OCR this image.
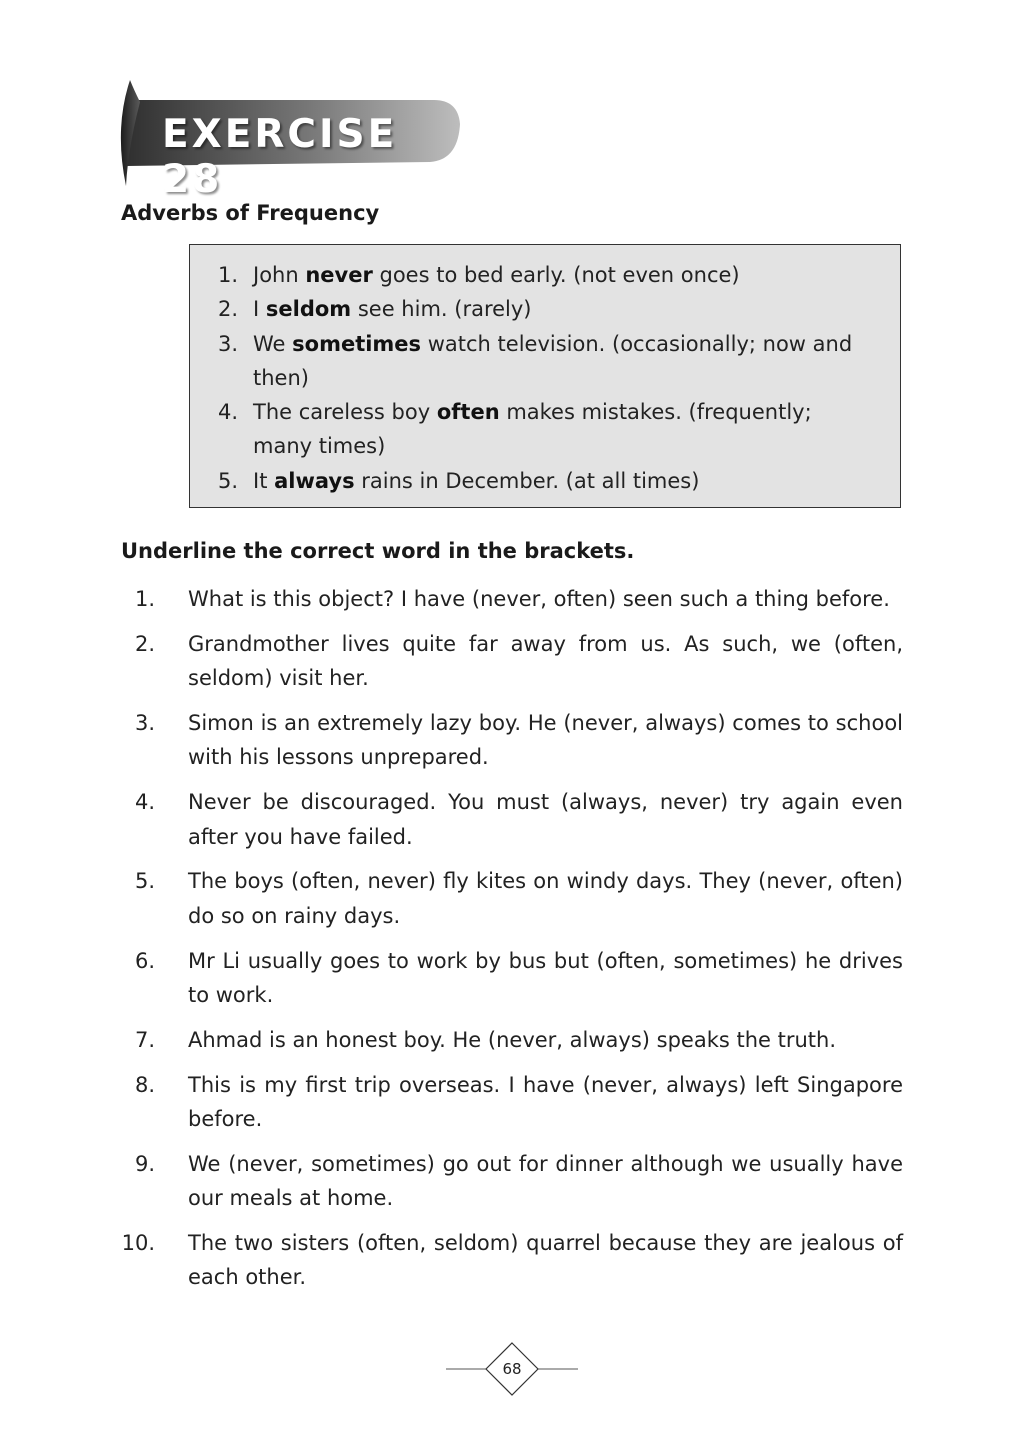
EXERCISE 28
Adverbs of Frequency
1. John never goes to bed early. (not even once)
2. I seldom see him. (rarely)
3. We sometimes watch television. (occasionally; now and then)
4. The careless boy often makes mistakes. (frequently; many times)
5. It always rains in December. (at all times)
Underline the correct word in the brackets.
1. What is this object? I have (never, often) seen such a thing before.
2. Grandmother lives quite far away from us. As such, we (often, seldom) visit her.
3. Simon is an extremely lazy boy. He (never, always) comes to school with his lessons unprepared.
4. Never be discouraged. You must (always, never) try again even after you have failed.
5. The boys (often, never) fly kites on windy days. They (never, often) do so on rainy days.
6. Mr Li usually goes to work by bus but (often, sometimes) he drives to work.
7. Ahmad is an honest boy. He (never, always) speaks the truth.
8. This is my first trip overseas. I have (never, always) left Singapore before.
9. We (never, sometimes) go out for dinner although we usually have our meals at home.
10. The two sisters (often, seldom) quarrel because they are jealous of each other.
68
